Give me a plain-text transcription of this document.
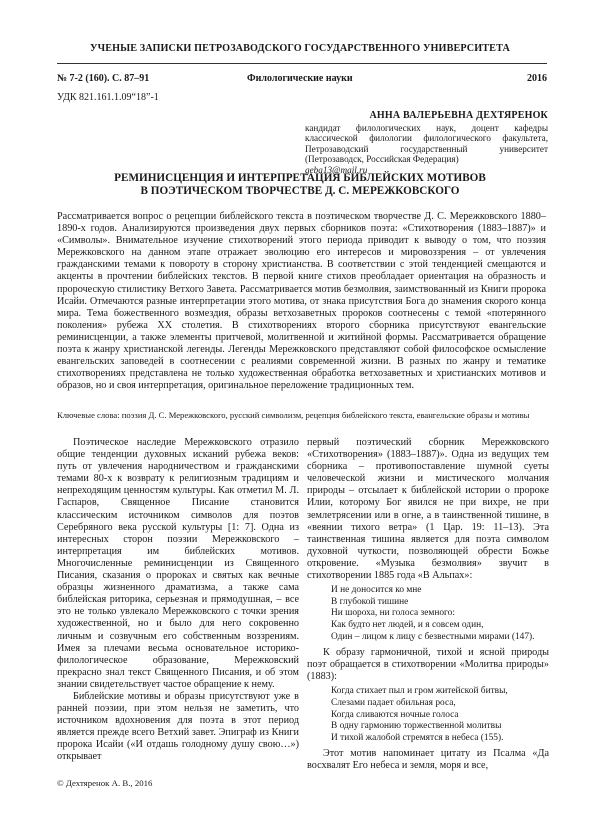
УЧЕНЫЕ ЗАПИСКИ ПЕТРОЗАВОДСКОГО ГОСУДАРСТВЕННОГО УНИВЕРСИТЕТА
№ 7-2 (160). С. 87–91	Филологические науки	2016
УДК 821.161.1.09“18”-1
АННА ВАЛЕРЬЕВНА ДЕХТЯРЕНОК
кандидат филологических наук, доцент кафедры классической филологии филологического факультета, Петрозаводский государственный университет (Петрозаводск, Российская Федерация)
geba13@mail.ru
РЕМИНИСЦЕНЦИЯ И ИНТЕРПРЕТАЦИЯ БИБЛЕЙСКИХ МОТИВОВ
В ПОЭТИЧЕСКОМ ТВОРЧЕСТВЕ Д. С. МЕРЕЖКОВСКОГО
Рассматривается вопрос о рецепции библейского текста в поэтическом творчестве Д. С. Мережковского 1880–1890-х годов. Анализируются произведения двух первых сборников поэта: «Стихотворения (1883–1887)» и «Символы». Внимательное изучение стихотворений этого периода приводит к выводу о том, что поэзия Мережковского на данном этапе отражает эволюцию его интересов и мировоззрения – от увлечения гражданскими темами к повороту в сторону христианства. В соответствии с этой тенденцией смещаются и акценты в прочтении библейских текстов. В первой книге стихов преобладает ориентация на образность и пророческую стилистику Ветхого Завета. Рассматривается мотив безмолвия, заимствованный из Книги пророка Исайи. Отмечаются разные интерпретации этого мотива, от знака присутствия Бога до знамения скорого конца мира. Тема божественного возмездия, образы ветхозаветных пророков соотнесены с темой «потерянного поколения» рубежа XX столетия. В стихотворениях второго сборника присутствуют евангельские реминисценции, а также элементы притчевой, молитвенной и житийной формы. Рассматривается обращение поэта к жанру христианской легенды. Легенды Мережковского представляют собой философское осмысление евангельских заповедей в соотнесении с реалиями современной жизни. В разных по жанру и тематике стихотворениях представлена не только художественная обработка ветхозаветных и христианских мотивов и образов, но и своя интерпретация, оригинальное переложение традиционных тем.
Ключевые слова: поэзия Д. С. Мережковского, русский символизм, рецепция библейского текста, евангельские образы и мотивы

Поэтическое наследие Мережковского отразило общие тенденции духовных исканий рубежа веков: путь от увлечения народничеством и гражданскими темами 80-х к возврату к религиозным традициям и непреходящим ценностям культуры. Как отметил М. Л. Гаспаров, Священное Писание становится классическим источником символов для поэтов Серебряного века русской культуры [1: 7]. Одна из интересных сторон поэзии Мережковского – интерпретация им библейских мотивов. Многочисленные реминисценции из Священного Писания, сказания о пророках и святых как вечные образцы жизненного драматизма, а также сама библейская риторика, серьезная и прямодушная, – все это не только увлекало Мережковского с точки зрения художественной, но и было для него сокровенно личным и созвучным его собственным воззрениям. Имея за плечами весьма основательное историко-филологическое образование, Мережковский прекрасно знал текст Священного Писания, и об этом знании свидетельствует частое обращение к нему.

Библейские мотивы и образы присутствуют уже в ранней поэзии, при этом нельзя не заметить, что источником вдохновения для поэта в этот период является прежде всего Ветхий завет. Эпиграф из Книги пророка Исайи («И отдашь голодному душу свою…») открывает

первый поэтический сборник Мережковского «Стихотворения» (1883–1887)». Одна из ведущих тем сборника – противопоставление шумной суеты человеческой жизни и мистического молчания природы – отсылает к библейской истории о пророке Илии, которому Бог явился не при вихре, не при землетрясении или в огне, а в таинственной тишине, в «веянии тихого ветра» (1 Цар. 19: 11–13). Эта таинственная тишина является для поэта символом духовной чуткости, позволяющей обрести Божье откровение. «Музыка безмолвия» звучит в стихотворении 1885 года «В Альпах»:

И не доносится ко мне
В глубокой тишине
Ни шороха, ни голоса земного:
Как будто нет людей, и я совсем один,
Один – лицом к лицу с безвестными мирами (147).

К образу гармоничной, тихой и ясной природы поэт обращается в стихотворении «Молитва природы» (1883):

Когда стихает пыл и гром житейской битвы,
Слезами падает обильная роса,
Когда сливаются ночные голоса
В одну гармонию торжественной молитвы
И тихой жалобой стремятся в небеса (155).

Этот мотив напоминает цитату из Псалма «Да восхвалят Его небеса и земля, моря и все,

© Дехтяренок А. В., 2016
